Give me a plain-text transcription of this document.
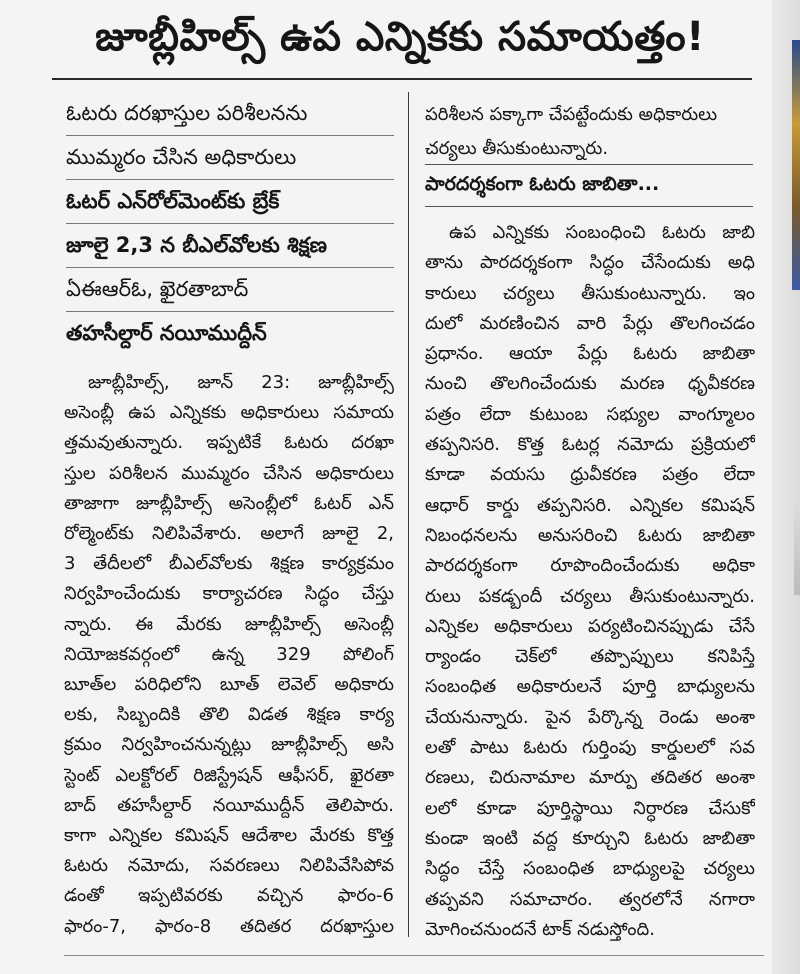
జూబ్లీహిల్స్ ఉప ఎన్నికకు సమాయత్తం!
ఓటరు దరఖాస్తుల పరిశీలనను
ముమ్మరం చేసిన అధికారులు
ఓటర్ ఎన్‌రోల్‌మెంట్‌కు బ్రేక్
జూలై 2,3 న బీఎల్‌వోలకు శిక్షణ
ఏఈఆర్‌ఓ, ఖైరతాబాద్
తహసీల్దార్ నయీముద్దీన్
జూబ్లీహిల్స్, జూన్ 23: జూబ్లీహిల్స్
అసెంబ్లీ ఉప ఎన్నికకు అధికారులు సమాయ
త్తమవుతున్నారు. ఇప్పటికే ఓటరు దరఖా
స్తుల పరిశీలన ముమ్మరం చేసిన అధికారులు
తాజాగా జూబ్లీహిల్స్ అసెంబ్లీలో ఓటర్ ఎన్
రోల్మెంట్‌కు నిలిపివేశారు. అలాగే జూలై 2,
3 తేదీలలో బీఎల్‌వోలకు శిక్షణ కార్యక్రమం
నిర్వహించేందుకు కార్యాచరణ సిద్ధం చేస్తు
న్నారు. ఈ మేరకు జూబ్లీహిల్స్ అసెంబ్లీ
నియోజకవర్గంలో ఉన్న 329 పోలింగ్
బూత్‌ల పరిధిలోని బూత్ లెవెల్ అధికారు
లకు, సిబ్బందికి తొలి విడత శిక్షణ కార్య
క్రమం నిర్వహించనున్నట్లు జూబ్లీహిల్స్ అసి
స్టెంట్ ఎలక్టోరల్ రిజిస్ట్రేషన్ ఆఫీసర్, ఖైరతా
బాద్ తహసీల్దార్ నయీముద్దీన్ తెలిపారు.
కాగా ఎన్నికల కమిషన్ ఆదేశాల మేరకు కొత్త
ఓటరు నమోదు, సవరణలు నిలిపివేసిపోవ
డంతో ఇప్పటివరకు వచ్చిన ఫారం-6
ఫారం-7, ఫారం-8 తదితర దరఖాస్తుల
పరిశీలన పక్కాగా చేపట్టేందుకు అధికారులు
చర్యలు తీసుకుంటున్నారు.
పారదర్శకంగా ఓటరు జాబితా...
ఉప ఎన్నికకు సంబంధించి ఓటరు జాబి
తాను పారదర్శకంగా సిద్ధం చేసేందుకు అధి
కారులు చర్యలు తీసుకుంటున్నారు. ఇం
దులో మరణించిన వారి పేర్లు తొలగించడం
ప్రధానం. ఆయా పేర్లు ఓటరు జాబితా
నుంచి తొలగించేందుకు మరణ ధృవీకరణ
పత్రం లేదా కుటుంబ సభ్యుల వాంగ్మూలం
తప్పనిసరి. కొత్త ఓటర్ల నమోదు ప్రక్రియలో
కూడా వయసు ధ్రువీకరణ పత్రం లేదా
ఆధార్ కార్డు తప్పనిసరి. ఎన్నికల కమిషన్
నిబంధనలను అనుసరించి ఓటరు జాబితా
పారదర్శకంగా రూపొందించేందుకు అధికా
రులు పకడ్బందీ చర్యలు తీసుకుంటున్నారు.
ఎన్నికల అధికారులు పర్యటించినప్పుడు చేసే
ర్యాండం చెక్‌లో తప్పొప్పులు కనిపిస్తే
సంబంధిత అధికారులనే పూర్తి బాధ్యులను
చేయనున్నారు. పైన పేర్కొన్న రెండు అంశా
లతో పాటు ఓటరు గుర్తింపు కార్డులలో సవ
రణలు, చిరునామాల మార్పు తదితర అంశా
లలో కూడా పూర్తిస్థాయి నిర్ధారణ చేసుకో
కుండా ఇంటి వద్ద కూర్చుని ఓటరు జాబితా
సిద్ధం చేస్తే సంబంధిత బాధ్యులపై చర్యలు
తప్పవని సమాచారం. త్వరలోనే నగారా
మోగించనుందనే టాక్ నడుస్తోంది.
